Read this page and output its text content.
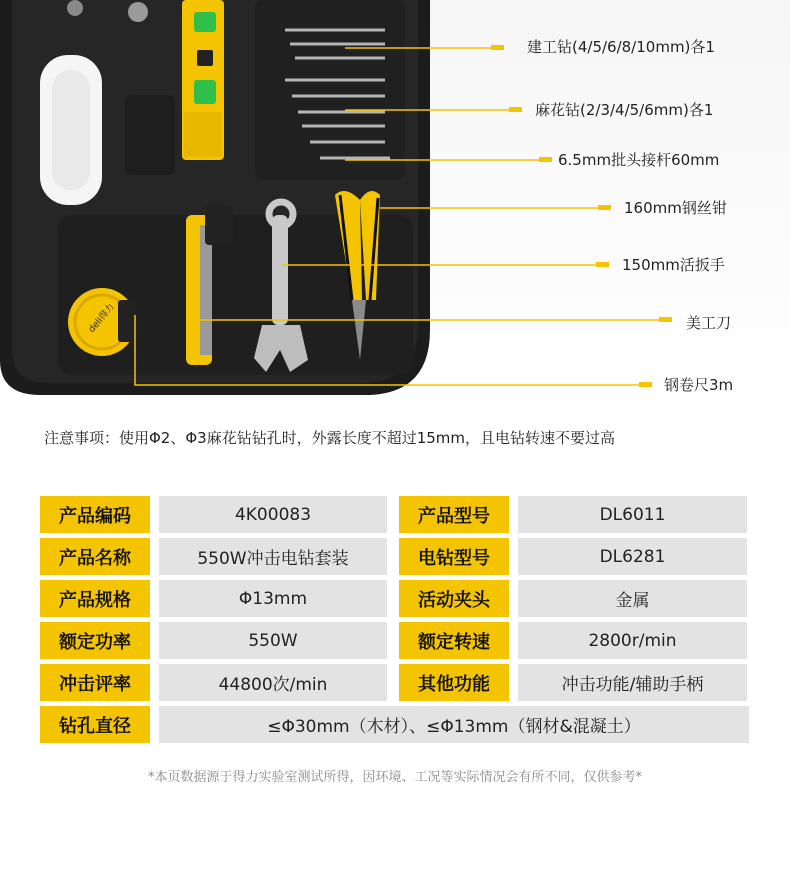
deli得力
建工钻(4/5/6/8/10mm)各1
麻花钻(2/3/4/5/6mm)各1
6.5mm批头接杆60mm
160mm钢丝钳
150mm活扳手
美工刀
钢卷尺3m
注意事项：使用Φ2、Φ3麻花钻钻孔时，外露长度不超过15mm，且电钻转速不要过高
产品编码	4K00083	产品型号	DL6011
产品名称	550W冲击电钻套装	电钻型号	DL6281
产品规格	Φ13mm	活动夹头	金属
额定功率	550W	额定转速	2800r/min
冲击评率	44800次/min	其他功能	冲击功能/辅助手柄
钻孔直径	≤Φ30mm（木材）、≤Φ13mm（钢材&混凝土）
*本页数据源于得力实验室测试所得，因环境、工况等实际情况会有所不同，仅供参考*
